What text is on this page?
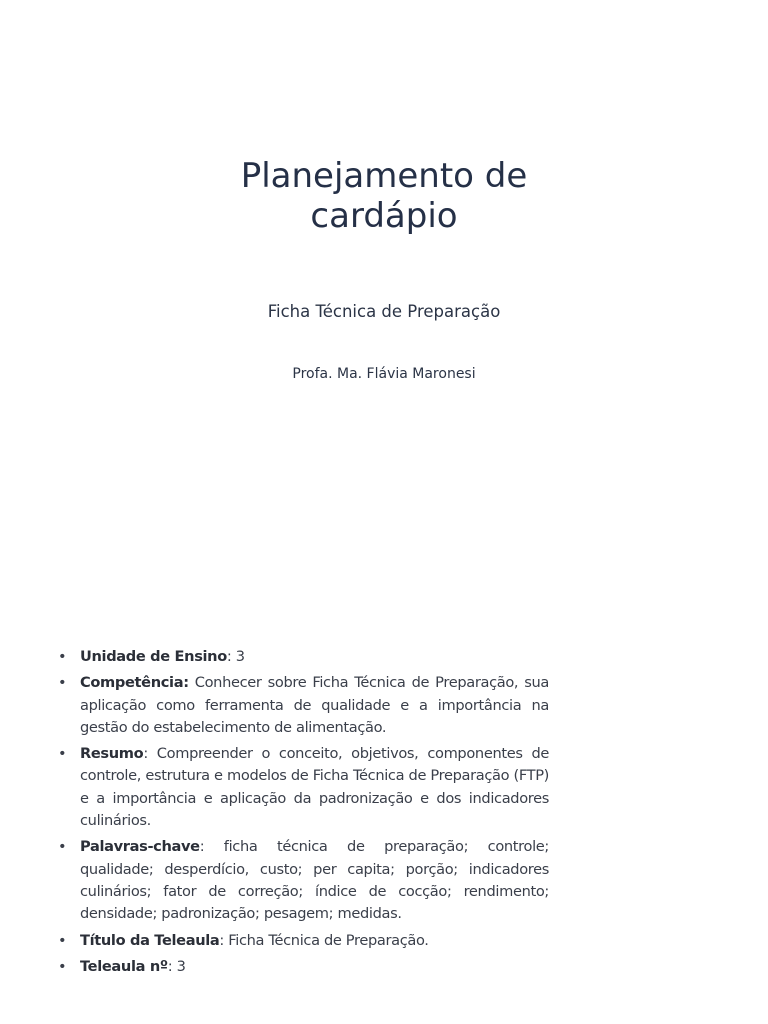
Planejamento de
cardápio
Ficha Técnica de Preparação
Profa. Ma. Flávia Maronesi
• Unidade de Ensino: 3
• Competência: Conhecer sobre Ficha Técnica de Preparação, sua aplicação como ferramenta de qualidade e a importância na gestão do estabelecimento de alimentação.
• Resumo: Compreender o conceito, objetivos, componentes de controle, estrutura e modelos de Ficha Técnica de Preparação (FTP) e a importância e aplicação da padronização e dos indicadores culinários.
• Palavras-chave: ficha técnica de preparação; controle; qualidade; desperdício, custo; per capita; porção; indicadores culinários; fator de correção; índice de cocção; rendimento; densidade; padronização; pesagem; medidas.
• Título da Teleaula: Ficha Técnica de Preparação.
• Teleaula nº: 3
